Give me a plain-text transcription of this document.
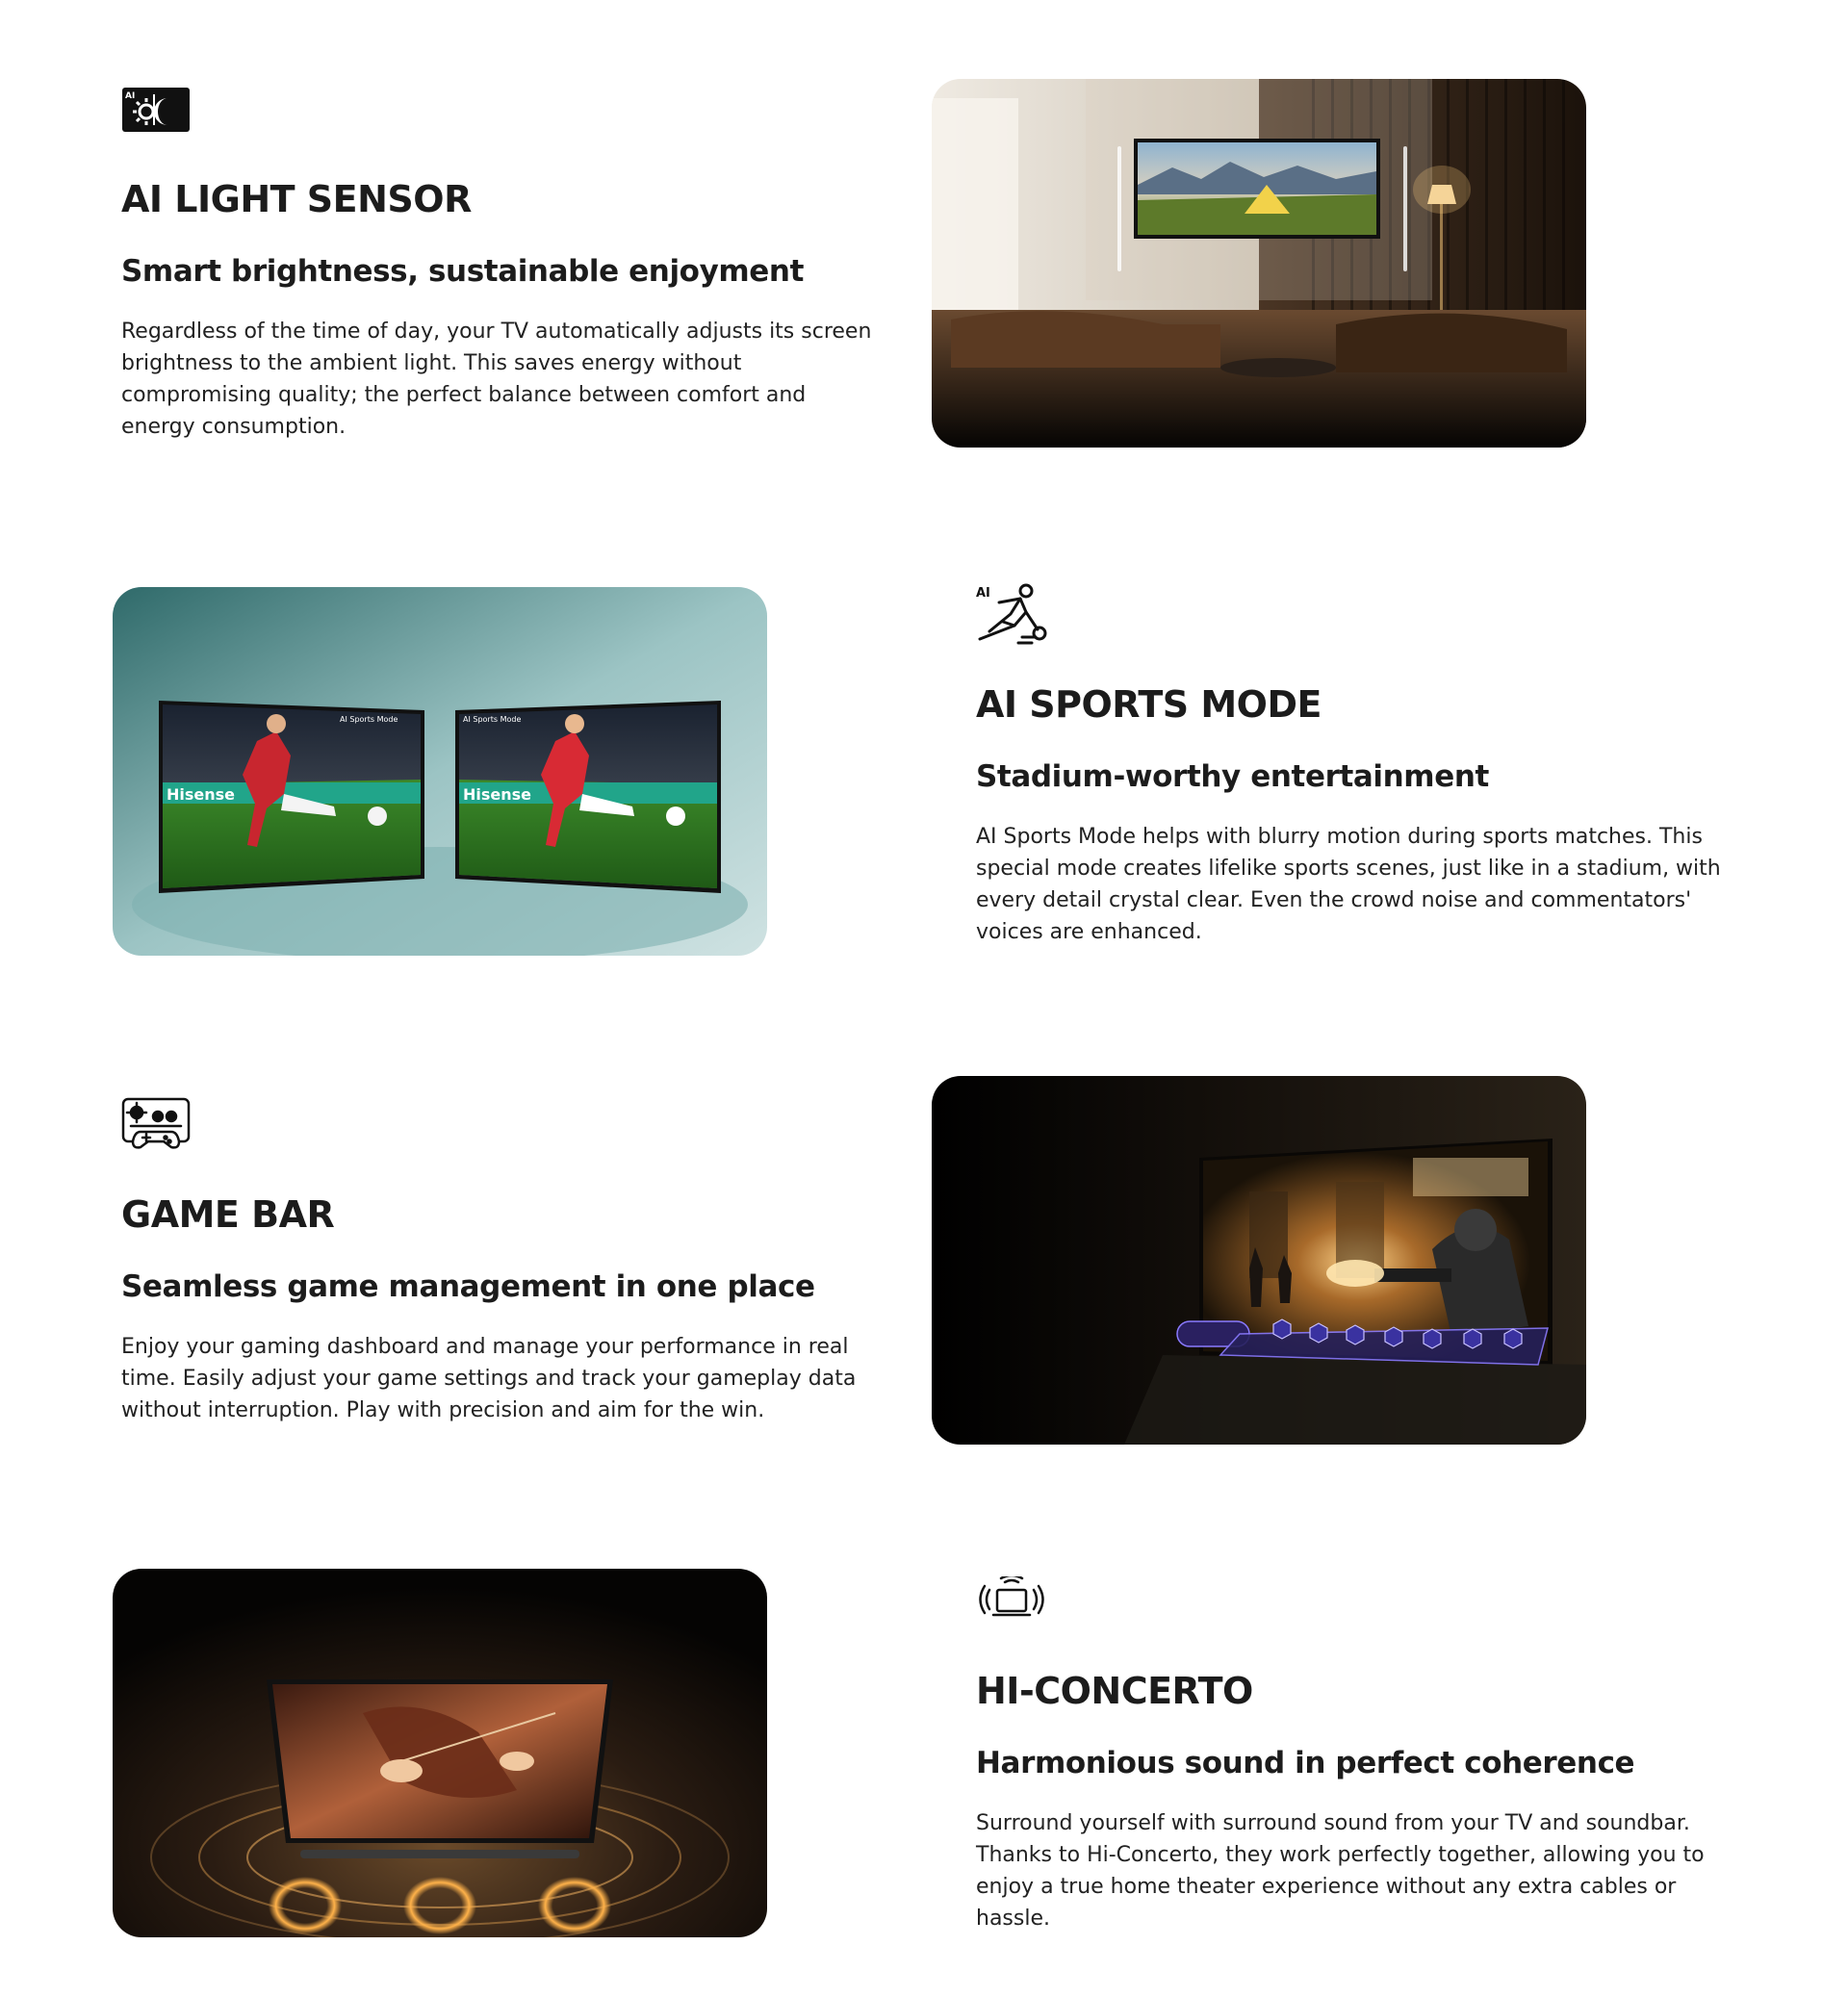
AI
AI LIGHT SENSOR
Smart brightness, sustainable enjoyment

Regardless of the time of day, your TV automatically adjusts its screen brightness to the ambient light. This saves energy without compromising quality; the perfect balance between comfort and energy consumption.

Hisense
AI Sports Mode
Hisense
AI Sports Mode
AI
AI SPORTS MODE
Stadium-worthy entertainment

AI Sports Mode helps with blurry motion during sports matches. This special mode creates lifelike sports scenes, just like in a stadium, with every detail crystal clear. Even the crowd noise and commentators' voices are enhanced.

GAME BAR
Seamless game management in one place

Enjoy your gaming dashboard and manage your performance in real time. Easily adjust your game settings and track your gameplay data without interruption. Play with precision and aim for the win.

HI-CONCERTO
Harmonious sound in perfect coherence

Surround yourself with surround sound from your TV and soundbar. Thanks to Hi-Concerto, they work perfectly together, allowing you to enjoy a true home theater experience without any extra cables or hassle.
